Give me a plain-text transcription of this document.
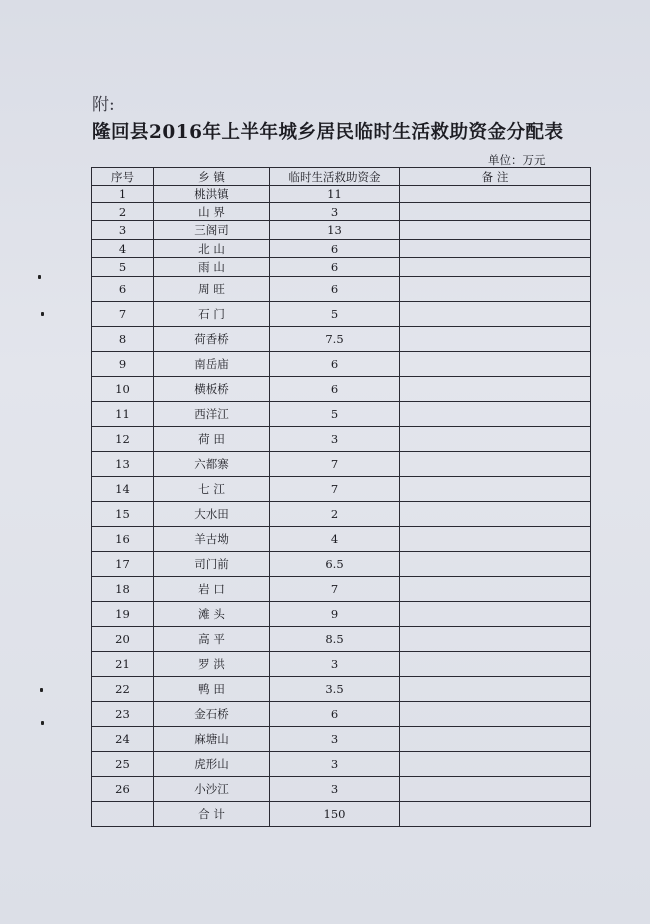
附:
隆回县2016年上半年城乡居民临时生活救助资金分配表
单位：万元
序号	乡 镇	临时生活救助资金	备 注
1	桃洪镇	11	
2	山 界	3	
3	三阁司	13	
4	北 山	6	
5	雨 山	6	
6	周 旺	6	
7	石 门	5	
8	荷香桥	7.5	
9	南岳庙	6	
10	横板桥	6	
11	西洋江	5	
12	荷 田	3	
13	六都寨	7	
14	七 江	7	
15	大水田	2	
16	羊古坳	4	
17	司门前	6.5	
18	岩 口	7	
19	滩 头	9	
20	高 平	8.5	
21	罗 洪	3	
22	鸭 田	3.5	
23	金石桥	6	
24	麻塘山	3	
25	虎形山	3	
26	小沙江	3	
	合 计	150	
